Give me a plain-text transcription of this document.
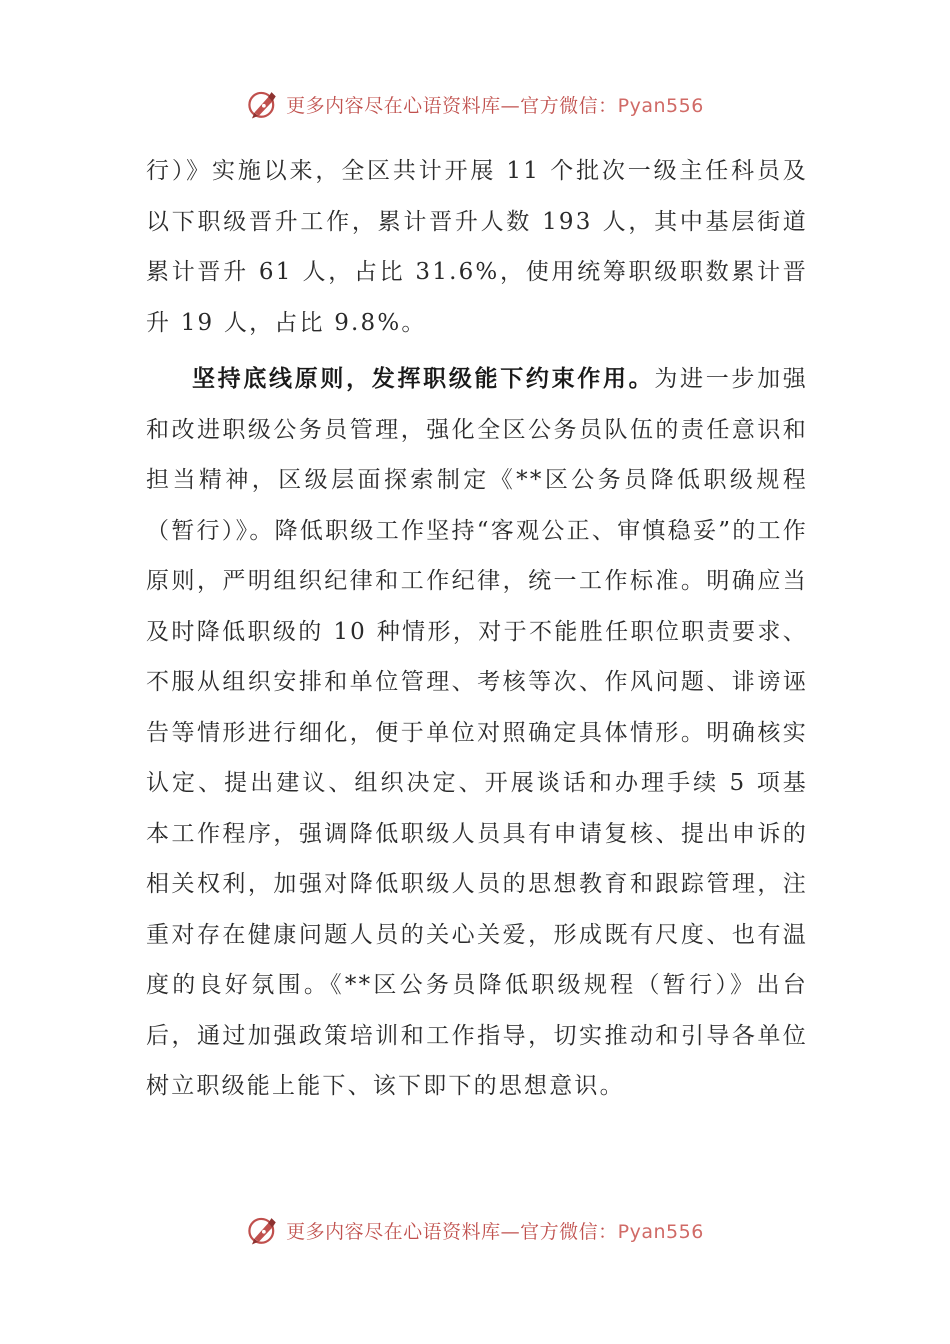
更多内容尽在心语资料库—官方微信：Pyan556

行）》实施以来，全区共计开展 11 个批次一级主任科员及以下职级晋升工作，累计晋升人数 193 人，其中基层街道累计晋升 61 人，占比 31.6%，使用统筹职级职数累计晋升 19 人，占比 9.8%。

坚持底线原则，发挥职级能下约束作用。为进一步加强和改进职级公务员管理，强化全区公务员队伍的责任意识和担当精神，区级层面探索制定《**区公务员降低职级规程（暂行）》。降低职级工作坚持“客观公正、审慎稳妥”的工作原则，严明组织纪律和工作纪律，统一工作标准。明确应当及时降低职级的 10 种情形，对于不能胜任职位职责要求、不服从组织安排和单位管理、考核等次、作风问题、诽谤诬告等情形进行细化，便于单位对照确定具体情形。明确核实认定、提出建议、组织决定、开展谈话和办理手续 5 项基本工作程序，强调降低职级人员具有申请复核、提出申诉的相关权利，加强对降低职级人员的思想教育和跟踪管理，注重对存在健康问题人员的关心关爱，形成既有尺度、也有温度的良好氛围。《**区公务员降低职级规程（暂行）》出台后，通过加强政策培训和工作指导，切实推动和引导各单位树立职级能上能下、该下即下的思想意识。

更多内容尽在心语资料库—官方微信：Pyan556
